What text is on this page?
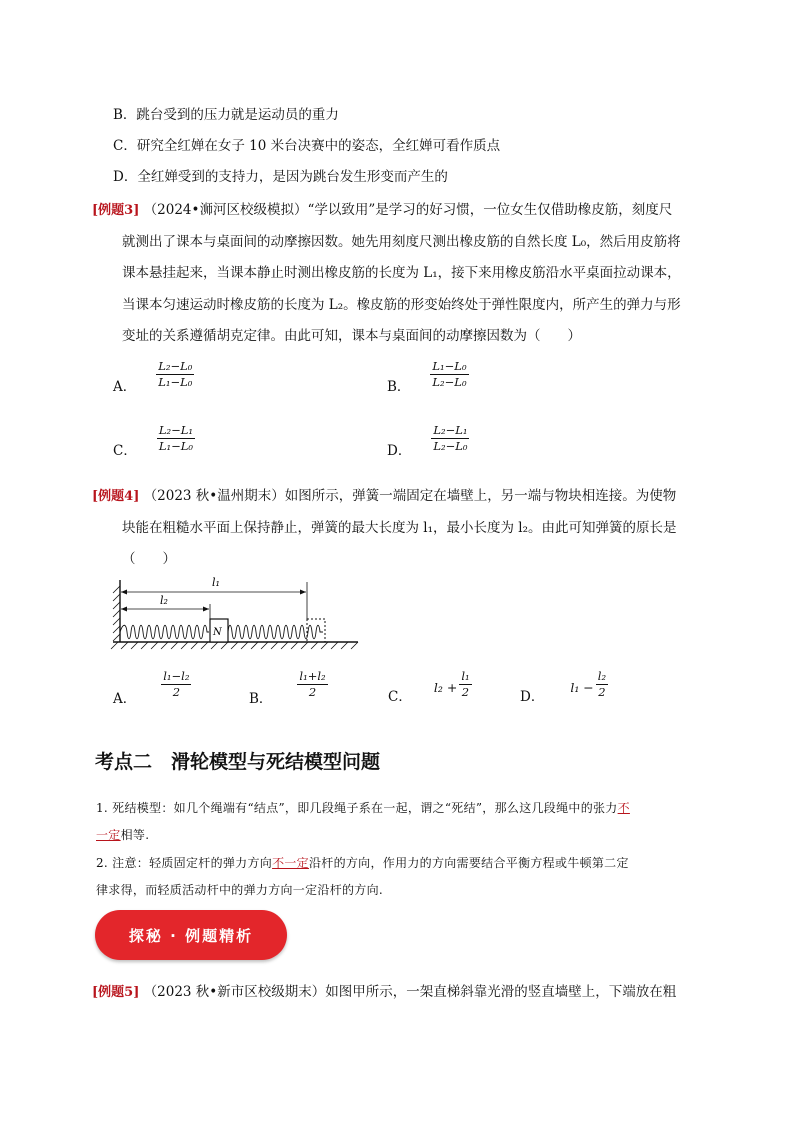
B．跳台受到的压力就是运动员的重力
C．研究全红婵在女子 10 米台决赛中的姿态，全红婵可看作质点
D．全红婵受到的支持力，是因为跳台发生形变而产生的
[例题3] （2024•浉河区校级模拟）“学以致用”是学习的好习惯，一位女生仅借助橡皮筋，刻度尺
就测出了课本与桌面间的动摩擦因数。她先用刻度尺测出橡皮筋的自然长度 L₀，然后用皮筋将
课本悬挂起来，当课本静止时测出橡皮筋的长度为 L₁，接下来用橡皮筋沿水平桌面拉动课本，
当课本匀速运动时橡皮筋的长度为 L₂。橡皮筋的形变始终处于弹性限度内，所产生的弹力与形
变址的关系遵循胡克定律。由此可知，课本与桌面间的动摩擦因数为（　　）
A． $\frac{\text{L₂−L₀}}{\text{L₁−L₀}}$	B． $\frac{\text{L₁−L₀}}{\text{L₂−L₀}}$
C． $\frac{\text{L₂−L₁}}{\text{L₁−L₀}}$	D． $\frac{\text{L₂−L₁}}{\text{L₂−L₀}}$
[例题4] （2023 秋•温州期末）如图所示，弹簧一端固定在墙壁上，另一端与物块相连接。为使物
块能在粗糙水平面上保持静止，弹簧的最大长度为 l₁，最小长度为 l₂。由此可知弹簧的原长是
（　　）
l₁
l₂
N
A． $\frac{\text{l₁−l₂}}{2}$	B． $\frac{\text{l₁+l₂}}{2}$	C．
$l_2 + \frac{\text{l₁}}{2}$	D．
$l_1 - \frac{\text{l₂}}{2}$
考点二　滑轮模型与死结模型问题
1. 死结模型：如几个绳端有“结点”，即几段绳子系在一起，谓之“死结”，那么这几段绳中的张力不
一定相等.
2. 注意：轻质固定杆的弹力方向不一定沿杆的方向，作用力的方向需要结合平衡方程或牛顿第二定
律求得，而轻质活动杆中的弹力方向一定沿杆的方向.
探秘 · 例题精析
[例题5] （2023 秋•新市区校级期末）如图甲所示，一架直梯斜靠光滑的竖直墙壁上，下端放在粗
